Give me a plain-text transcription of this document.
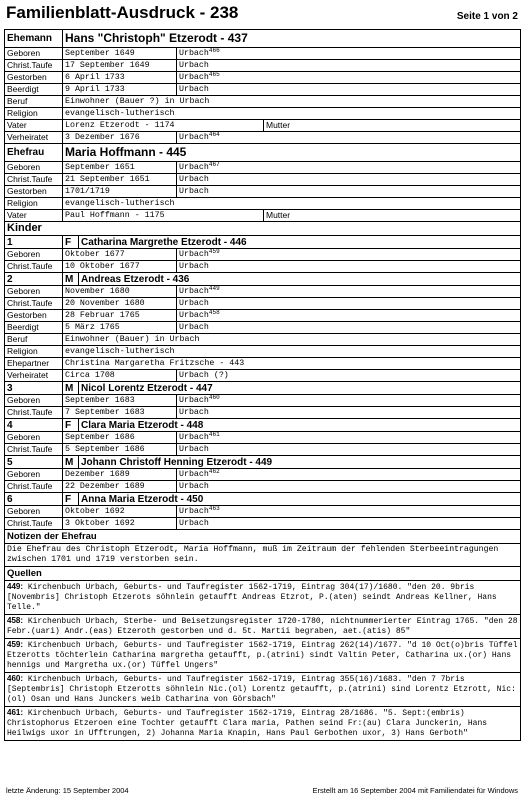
Familienblatt-Ausdruck - 238	Seite 1 von 2
Ehemann	Hans "Christoph" Etzerodt - 437			
Geboren	September 1649		Urbach$^{466}$
Christ.Taufe	17 September 1649		Urbach	
Gestorben	6 April 1733		Urbach$^{465}$
Beerdigt	9 April 1733		Urbach	
Beruf	Einwohner (Bauer ?) in Urbach			
Religion	evangelisch-lutherisch			
Vater	Lorenz Etzerodt - 1174			Mutter
Verheiratet	3 Dezember 1676		Urbach$^{464}$
Ehefrau	Maria Hoffmann - 445			
Geboren	September 1651		Urbach$^{467}$
Christ.Taufe	21 September 1651		Urbach	
Gestorben	1701/1719		Urbach	
Religion	evangelisch-lutherisch			
Vater	Paul Hoffmann - 1175			Mutter
Kinder				
1	F	Catharina Margrethe Etzerodt - 446		
Geboren	Oktober 1677		Urbach$^{459}$
Christ.Taufe	10 Oktober 1677		Urbach	
2	M	Andreas Etzerodt - 436		
Geboren	November 1680		Urbach$^{449}$
Christ.Taufe	20 November 1680		Urbach	
Gestorben	28 Februar 1765		Urbach$^{458}$
Beerdigt	5 März 1765		Urbach	
Beruf	Einwohner (Bauer) in Urbach			
Religion	evangelisch-lutherisch			
Ehepartner	Christina Margaretha Fritzsche - 443			
Verheiratet	Circa 1708		Urbach (?)	
3	M	Nicol Lorentz Etzerodt - 447		
Geboren	September 1683		Urbach$^{460}$
Christ.Taufe	7 September 1683		Urbach	
4	F	Clara Maria Etzerodt - 448		
Geboren	September 1686		Urbach$^{461}$
Christ.Taufe	5 September 1686		Urbach	
5	M	Johann Christoff Henning Etzerodt - 449		
Geboren	Dezember 1689		Urbach$^{462}$
Christ.Taufe	22 Dezember 1689		Urbach	
6	F	Anna Maria Etzerodt - 450		
Geboren	Oktober 1692		Urbach$^{463}$
Christ.Taufe	3 Oktober 1692		Urbach	
Notizen der Ehefrau				
Die Ehefrau des Christoph Etzerodt, Maria Hoffmann, muß im Zeitraum der fehlenden Sterbeeintragungen zwischen 1701 und 1719 verstorben sein.				
Quellen				
449: Kirchenbuch Urbach, Geburts- und Taufregister 1562-1719, Eintrag 304(17)/1680. "den 20. 9bris [Novembris] Christoph Etzerots söhnlein getaufft Andreas Etzrot, P.(aten) seindt Andreas Kellner, Hans Telle."				
458: Kirchenbuch Urbach, Sterbe- und Beisetzungsregister 1720-1780, nichtnummerierter Eintrag 1765. "den 28 Febr.(uari) Andr.(eas) Etzeroth gestorben und d. 5t. Martii begraben, aet.(atis) 85"				
459: Kirchenbuch Urbach, Geburts- und Taufregister 1562-1719, Eintrag 262(14)/1677. "d 10 Oct(o)bris Tüffel Etzerotts töchterlein Catharina margretha getaufft, p.(atrini) sindt Valtin Peter, Catharina ux.(or) Hans hennigs und Margretha ux.(or) Tüffel Ungers"				
460: Kirchenbuch Urbach, Geburts- und Taufregister 1562-1719, Eintrag 355(16)/1683. "den 7 7bris [Septembris] Christoph Etzerotts söhnlein Nic.(ol) Lorentz getaufft, p.(atrini) sind Lorentz Etzrott, Nic:(ol) Osan und Hans Junckers weib Catharina von Görsbach"				
461: Kirchenbuch Urbach, Geburts- und Taufregister 1562-1719, Eintrag 28/1686. "5. Sept:(embris) Christophorus Etzeroen eine Tochter getaufft Clara maria, Pathen seind Fr:(au) Clara Junckerin, Hans Heilwigs uxor in Ufftrungen, 2) Johanna Maria Knapin, Hans Paul Gerbothen uxor, 3) Hans Gerboth"				
letzte Änderung: 15 September 2004	Erstellt am 16 September 2004 mit Familiendatei für Windows
